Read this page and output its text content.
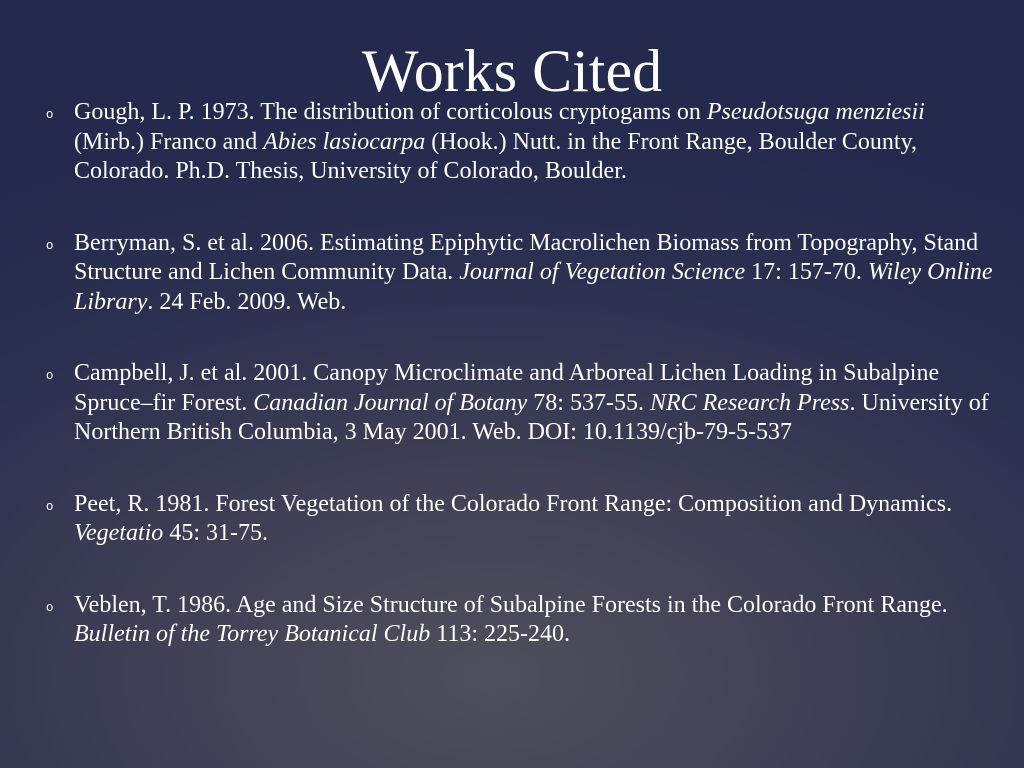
Works Cited
o Gough, L. P. 1973. The distribution of corticolous cryptogams on Pseudotsuga menziesii (Mirb.) Franco and Abies lasiocarpa (Hook.) Nutt. in the Front Range, Boulder County, Colorado. Ph.D. Thesis, University of Colorado, Boulder.
o Berryman, S. et al. 2006. Estimating Epiphytic Macrolichen Biomass from Topography, Stand Structure and Lichen Community Data. Journal of Vegetation Science 17: 157-70. Wiley Online Library. 24 Feb. 2009. Web.
o Campbell, J. et al. 2001. Canopy Microclimate and Arboreal Lichen Loading in Subalpine Spruce–fir Forest. Canadian Journal of Botany 78: 537-55. NRC Research Press. University of Northern British Columbia, 3 May 2001. Web. DOI: 10.1139/cjb-79-5-537
o Peet, R. 1981. Forest Vegetation of the Colorado Front Range: Composition and Dynamics. Vegetatio 45: 31-75.
o Veblen, T. 1986. Age and Size Structure of Subalpine Forests in the Colorado Front Range. Bulletin of the Torrey Botanical Club 113: 225-240.
